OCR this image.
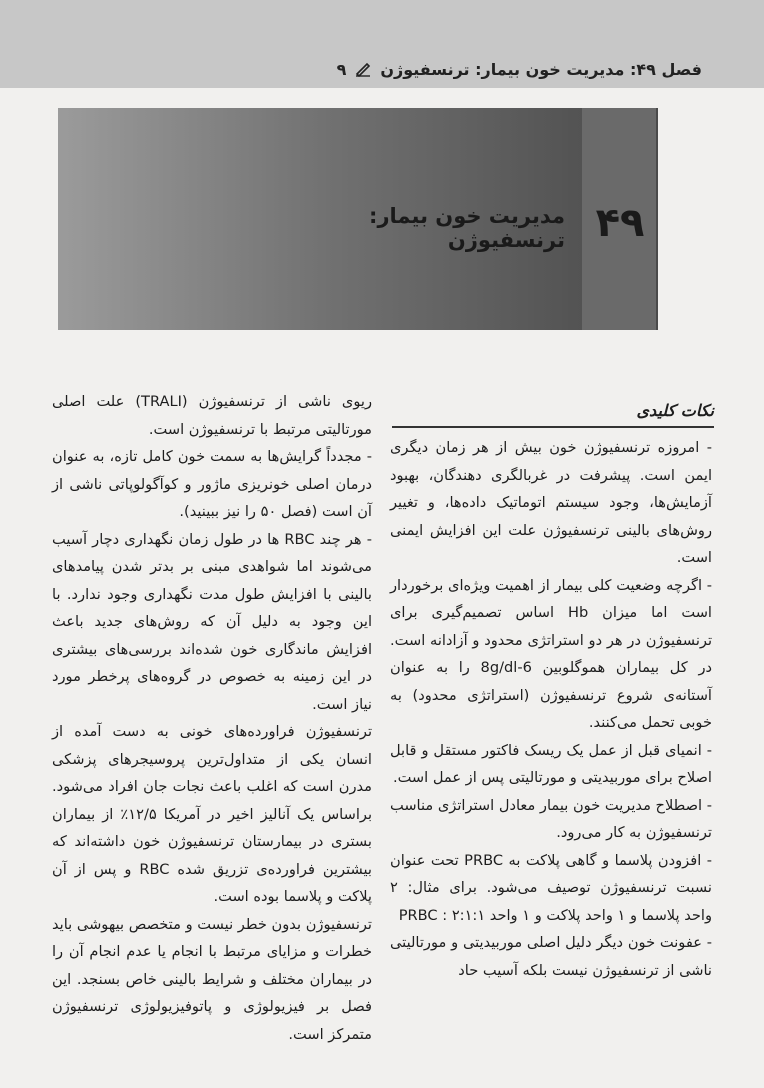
فصل ۴۹: مدیریت خون بیمار: ترنسفیوژن
۹
۴۹
مدیریت خون بیمار: ترنسفیوژن
نکات کلیدی

- امروزه ترنسفیوژن خون بیش از هر زمان دیگری ایمن است. پیشرفت در غربالگری دهندگان، بهبود آزمایش‌ها، وجود سیستم اتوماتیک داده‌ها، و تغییر روش‌های بالینی ترنسفیوژن علت این افزایش ایمنی است.

- اگرچه وضعیت کلی بیمار از اهمیت ویژه‌ای برخوردار است اما میزان Hb اساس تصمیم‌گیری برای ترنسفیوژن در هر دو استراتژی محدود و آزادانه است. در کل بیماران هموگلوبین 6-8g/dl را به عنوان آستانه‌ی شروع ترنسفیوژن (استراتژی محدود) به خوبی تحمل می‌کنند.

- انمیای قبل از عمل یک ریسک فاکتور مستقل و قابل اصلاح برای موربیدیتی و مورتالیتی پس از عمل است.

- اصطلاح مدیریت خون بیمار معادل استراتژی مناسب ترنسفیوژن به کار می‌رود.

- افزودن پلاسما و گاهی پلاکت به PRBC تحت عنوان نسبت ترنسفیوژن توصیف می‌شود. برای مثال: ۲ واحد پلاسما و ۱ واحد پلاکت و ۱ واحد PRBC : ۲:۱:۱

- عفونت خون دیگر دلیل اصلی موربیدیتی و مورتالیتی ناشی از ترنسفیوژن نیست بلکه آسیب حاد

ریوی ناشی از ترنسفیوژن (TRALI) علت اصلی مورتالیتی مرتبط با ترنسفیوژن است.

- مجدداً گرایش‌ها به سمت خون کامل تازه، به عنوان درمان اصلی خونریزی ماژور و کوآگولوپاتی ناشی از آن است (فصل ۵۰ را نیز ببینید).

- هر چند RBC ها در طول زمان نگهداری دچار آسیب می‌شوند اما شواهدی مبنی بر بدتر شدن پیامدهای بالینی با افزایش طول مدت نگهداری وجود ندارد. با این وجود به دلیل آن که روش‌های جدید باعث افزایش ماندگاری خون شده‌اند بررسی‌های بیشتری در این زمینه به خصوص در گروه‌های پرخطر مورد نیاز است.

ترنسفیوژن فراورده‌های خونی به دست آمده از انسان یکی از متداول‌ترین پروسیجرهای پزشکی مدرن است که اغلب باعث نجات جان افراد می‌شود. براساس یک آنالیز اخیر در آمریکا ۱۲/۵٪ از بیماران بستری در بیمارستان ترنسفیوژن خون داشته‌اند که بیشترین فراورده‌ی تزریق شده RBC و پس از آن پلاکت و پلاسما بوده است.

ترنسفیوژن بدون خطر نیست و متخصص بیهوشی باید خطرات و مزایای مرتبط با انجام یا عدم انجام آن را در بیماران مختلف و شرایط بالینی خاص بسنجد. این فصل بر فیزیولوژی و پاتوفیزیولوژی ترنسفیوژن متمرکز است.
